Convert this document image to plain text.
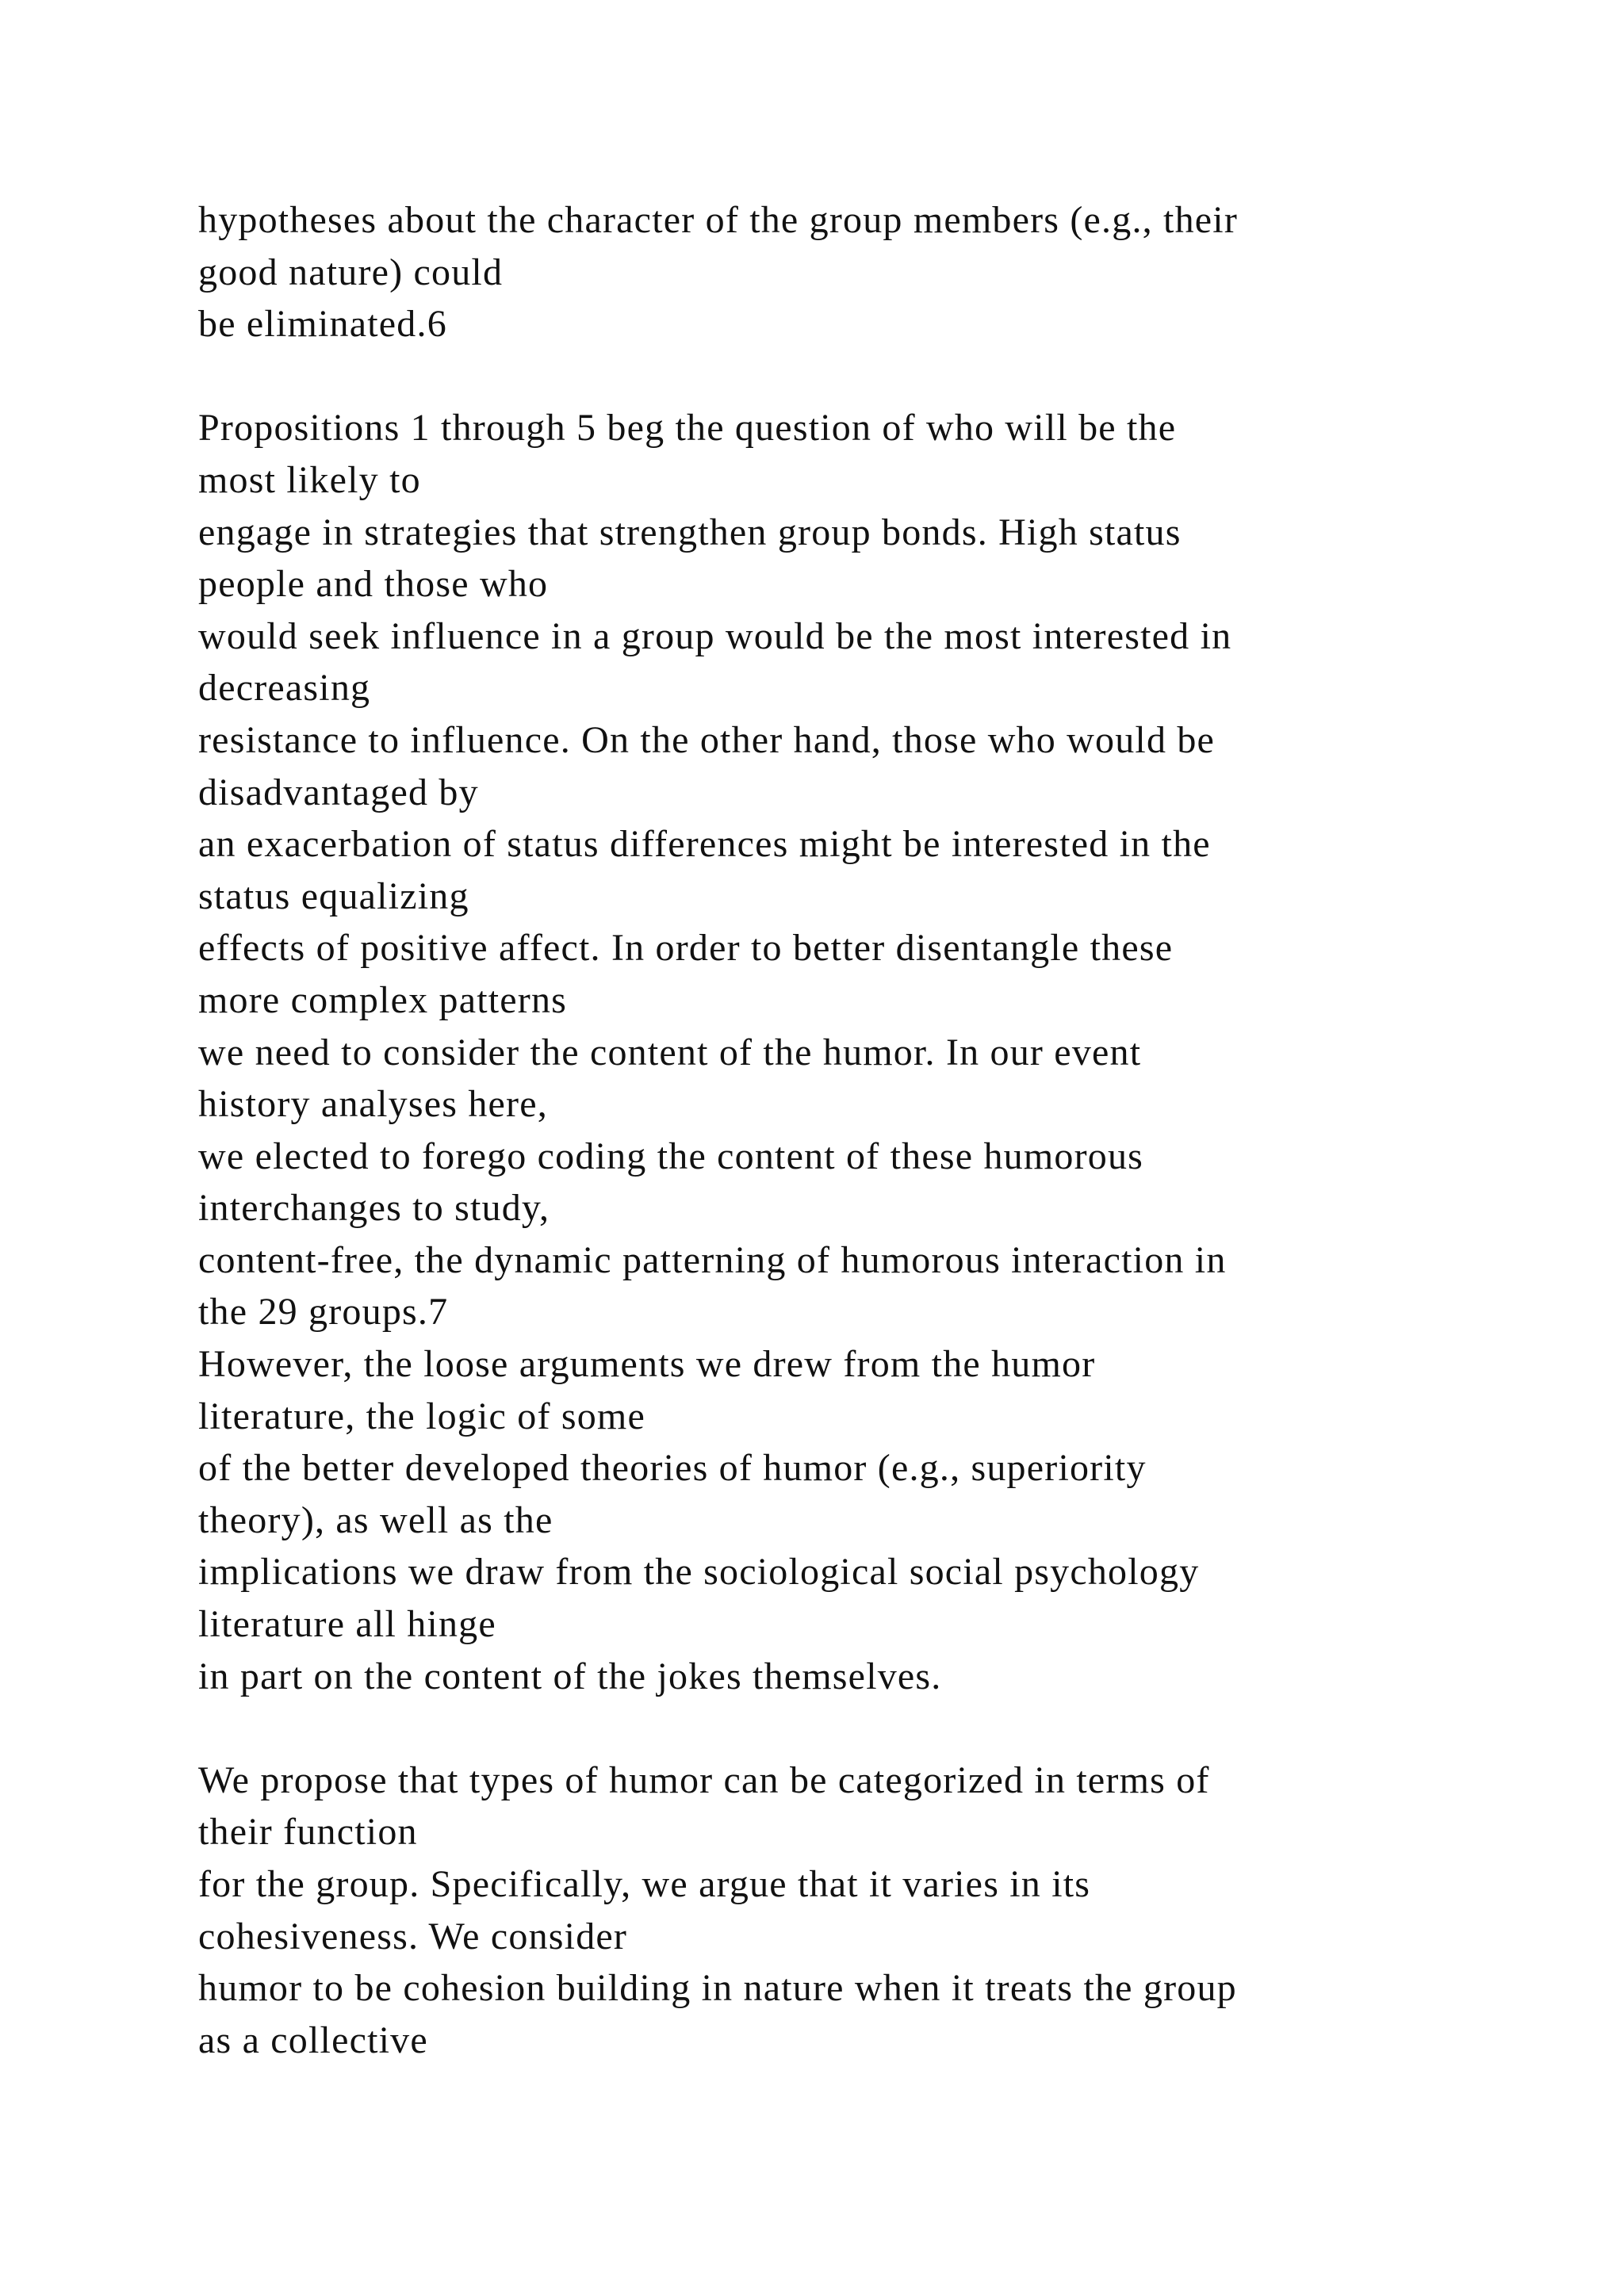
hypotheses about the character of the group members (e.g., their
good nature) could
be eliminated.6
Propositions 1 through 5 beg the question of who will be the
most likely to
engage in strategies that strengthen group bonds. High status
people and those who
would seek influence in a group would be the most interested in
decreasing
resistance to influence. On the other hand, those who would be
disadvantaged by
an exacerbation of status differences might be interested in the
status equalizing
effects of positive affect. In order to better disentangle these
more complex patterns
we need to consider the content of the humor. In our event
history analyses here,
we elected to forego coding the content of these humorous
interchanges to study,
content-free, the dynamic patterning of humorous interaction in
the 29 groups.7
However, the loose arguments we drew from the humor
literature, the logic of some
of the better developed theories of humor (e.g., superiority
theory), as well as the
implications we draw from the sociological social psychology
literature all hinge
in part on the content of the jokes themselves.
We propose that types of humor can be categorized in terms of
their function
for the group. Specifically, we argue that it varies in its
cohesiveness. We consider
humor to be cohesion building in nature when it treats the group
as a collective
